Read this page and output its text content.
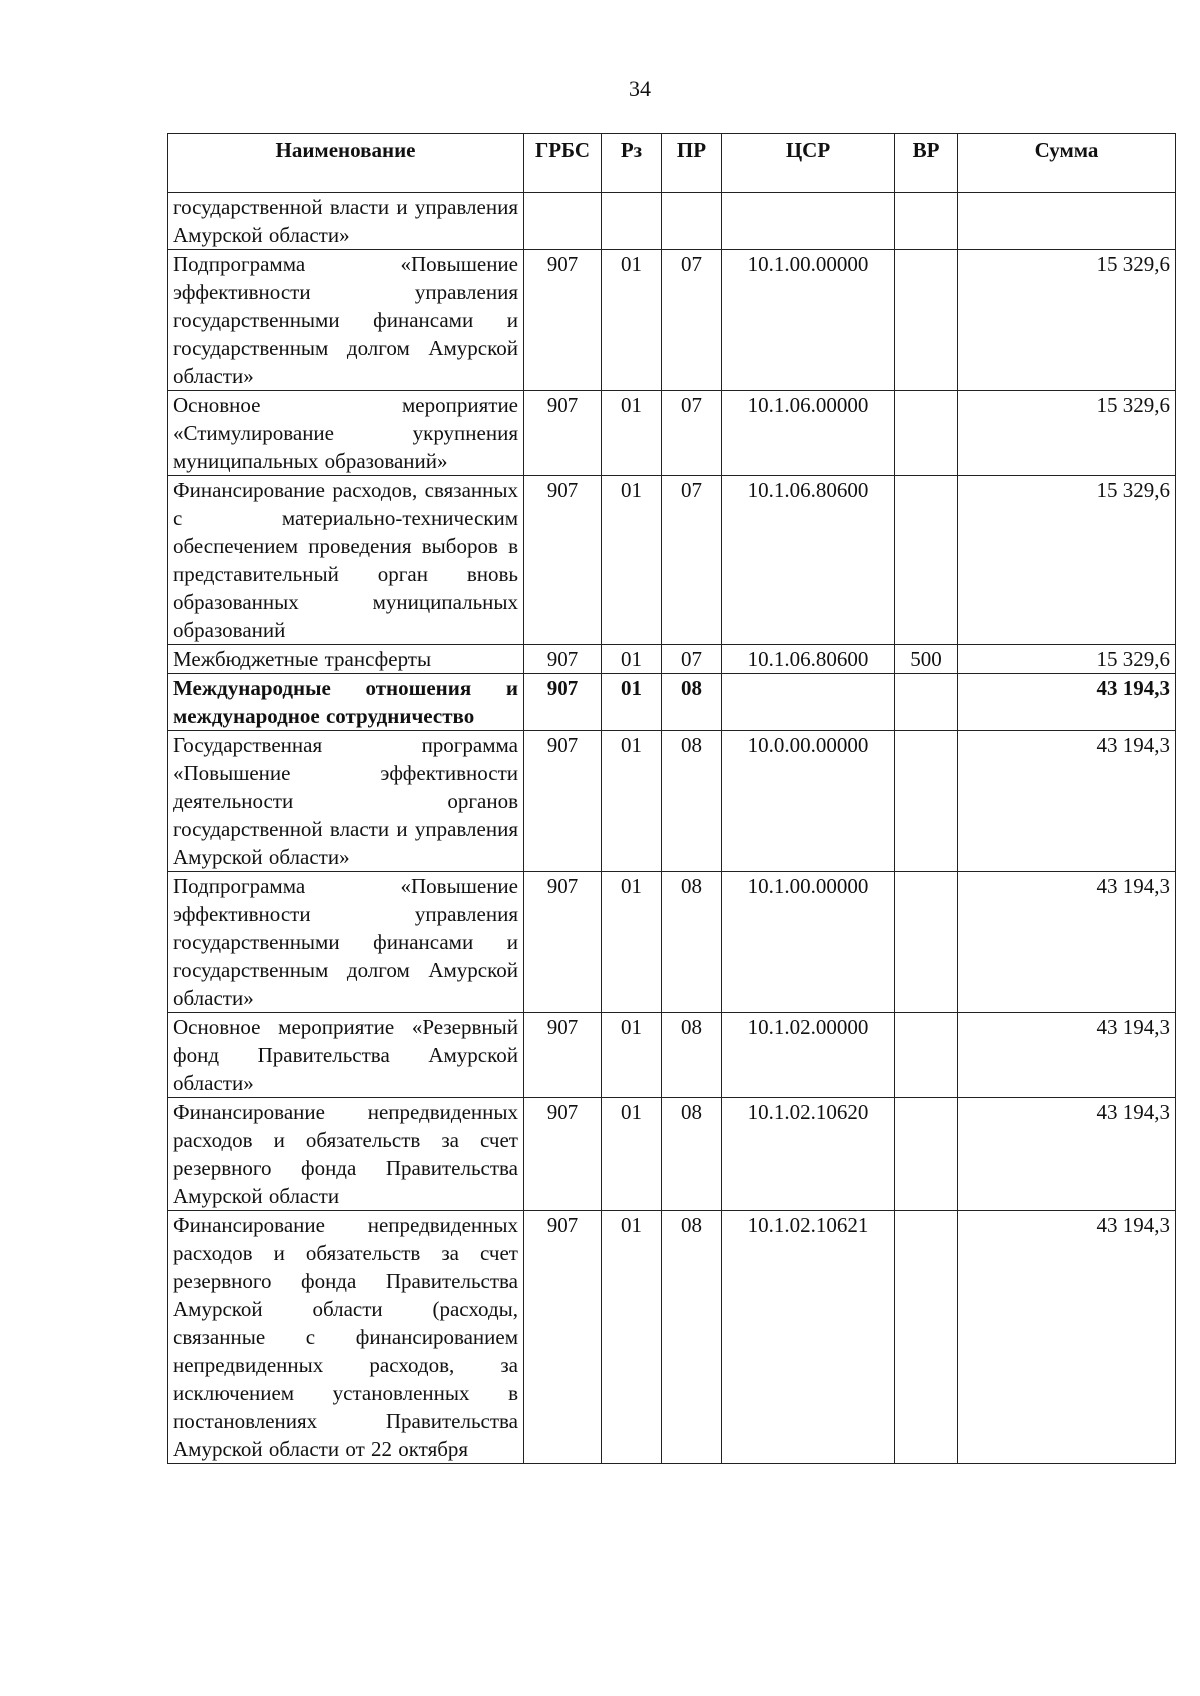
34
Наименование	ГРБС	Рз	ПР	ЦСР	ВР	Сумма
государственной власти и управления Амурской области»						
Подпрограмма «Повышение эффективности управления государственными финансами и государственным долгом Амурской области»	907	01	07	10.1.00.00000		15 329,6
Основное мероприятие «Стимулирование укрупнения муниципальных образований»	907	01	07	10.1.06.00000		15 329,6
Финансирование расходов, связанных с материально-техническим обеспечением проведения выборов в представительный орган вновь образованных муниципальных образований	907	01	07	10.1.06.80600		15 329,6
Межбюджетные трансферты	907	01	07	10.1.06.80600	500	15 329,6
Международные отношения и международное сотрудничество	907	01	08			43 194,3
Государственная программа «Повышение эффективности деятельности органов государственной власти и управления Амурской области»	907	01	08	10.0.00.00000		43 194,3
Подпрограмма «Повышение эффективности управления государственными финансами и государственным долгом Амурской области»	907	01	08	10.1.00.00000		43 194,3
Основное мероприятие «Резервный фонд Правительства Амурской области»	907	01	08	10.1.02.00000		43 194,3
Финансирование непредвиденных расходов и обязательств за счет резервного фонда Правительства Амурской области	907	01	08	10.1.02.10620		43 194,3
Финансирование непредвиденных расходов и обязательств за счет резервного фонда Правительства Амурской области (расходы, связанные с финансированием непредвиденных расходов, за исключением установленных в постановлениях Правительства Амурской области от 22 октября	907	01	08	10.1.02.10621		43 194,3
